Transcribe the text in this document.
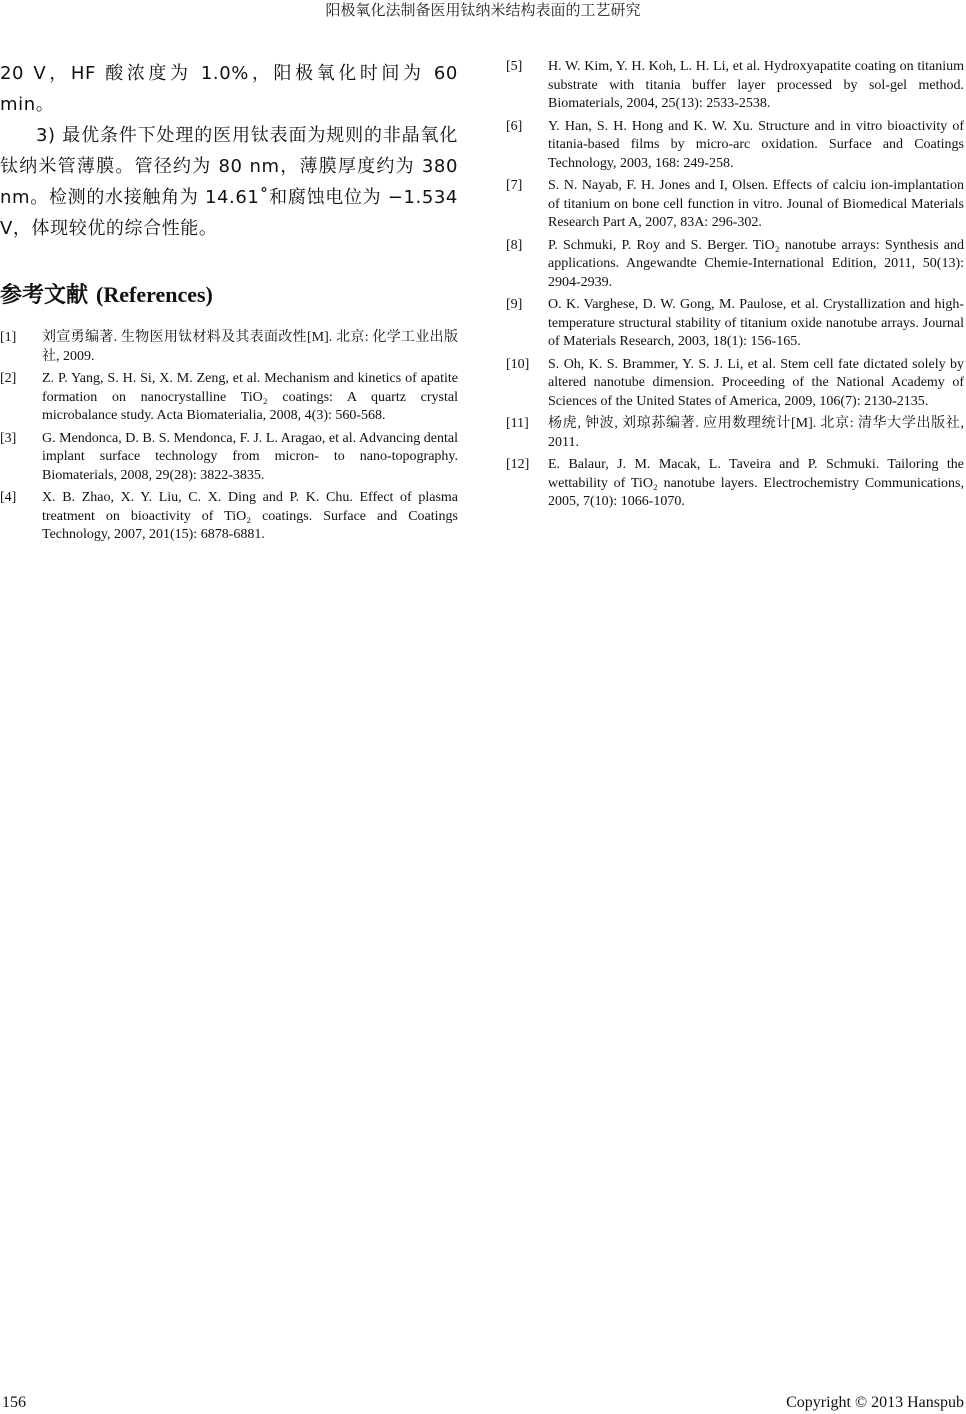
阳极氧化法制备医用钛纳米结构表面的工艺研究

20 V，HF 酸浓度为 1.0%，阳极氧化时间为 60 min。

3) 最优条件下处理的医用钛表面为规则的非晶氧化钛纳米管薄膜。管径约为 80 nm，薄膜厚度约为 380 nm。检测的水接触角为 14.61˚和腐蚀电位为 −1.534 V，体现较优的综合性能。

参考文献 (References)
[1]	刘宣勇编著. 生物医用钛材料及其表面改性[M]. 北京: 化学工业出版社, 2009.
[2]	Z. P. Yang, S. H. Si, X. M. Zeng, et al. Mechanism and kinetics of apatite formation on nanocrystalline TiO₂ coatings: A quartz crystal microbalance study. Acta Biomaterialia, 2008, 4(3): 560-568.
[3]	G. Mendonca, D. B. S. Mendonca, F. J. L. Aragao, et al. Advancing dental implant surface technology from micron- to nano-topography. Biomaterials, 2008, 29(28): 3822-3835.
[4]	X. B. Zhao, X. Y. Liu, C. X. Ding and P. K. Chu. Effect of plasma treatment on bioactivity of TiO₂ coatings. Surface and Coatings Technology, 2007, 201(15): 6878-6881.
[5]	H. W. Kim, Y. H. Koh, L. H. Li, et al. Hydroxyapatite coating on titanium substrate with titania buffer layer processed by sol-gel method. Biomaterials, 2004, 25(13): 2533-2538.
[6]	Y. Han, S. H. Hong and K. W. Xu. Structure and in vitro bioactivity of titania-based films by micro-arc oxidation. Surface and Coatings Technology, 2003, 168: 249-258.
[7]	S. N. Nayab, F. H. Jones and I, Olsen. Effects of calciu ion-implantation of titanium on bone cell function in vitro. Jounal of Biomedical Materials Research Part A, 2007, 83A: 296-302.
[8]	P. Schmuki, P. Roy and S. Berger. TiO₂ nanotube arrays: Synthesis and applications. Angewandte Chemie-International Edition, 2011, 50(13): 2904-2939.
[9]	O. K. Varghese, D. W. Gong, M. Paulose, et al. Crystallization and high-temperature structural stability of titanium oxide nanotube arrays. Journal of Materials Research, 2003, 18(1): 156-165.
[10]	S. Oh, K. S. Brammer, Y. S. J. Li, et al. Stem cell fate dictated solely by altered nanotube dimension. Proceeding of the National Academy of Sciences of the United States of America, 2009, 106(7): 2130-2135.
[11]	杨虎, 钟波, 刘琼荪编著. 应用数理统计[M]. 北京: 清华大学出版社, 2011.
[12]	E. Balaur, J. M. Macak, L. Taveira and P. Schmuki. Tailoring the wettability of TiO₂ nanotube layers. Electrochemistry Communications, 2005, 7(10): 1066-1070.
156	Copyright © 2013 Hanspub
